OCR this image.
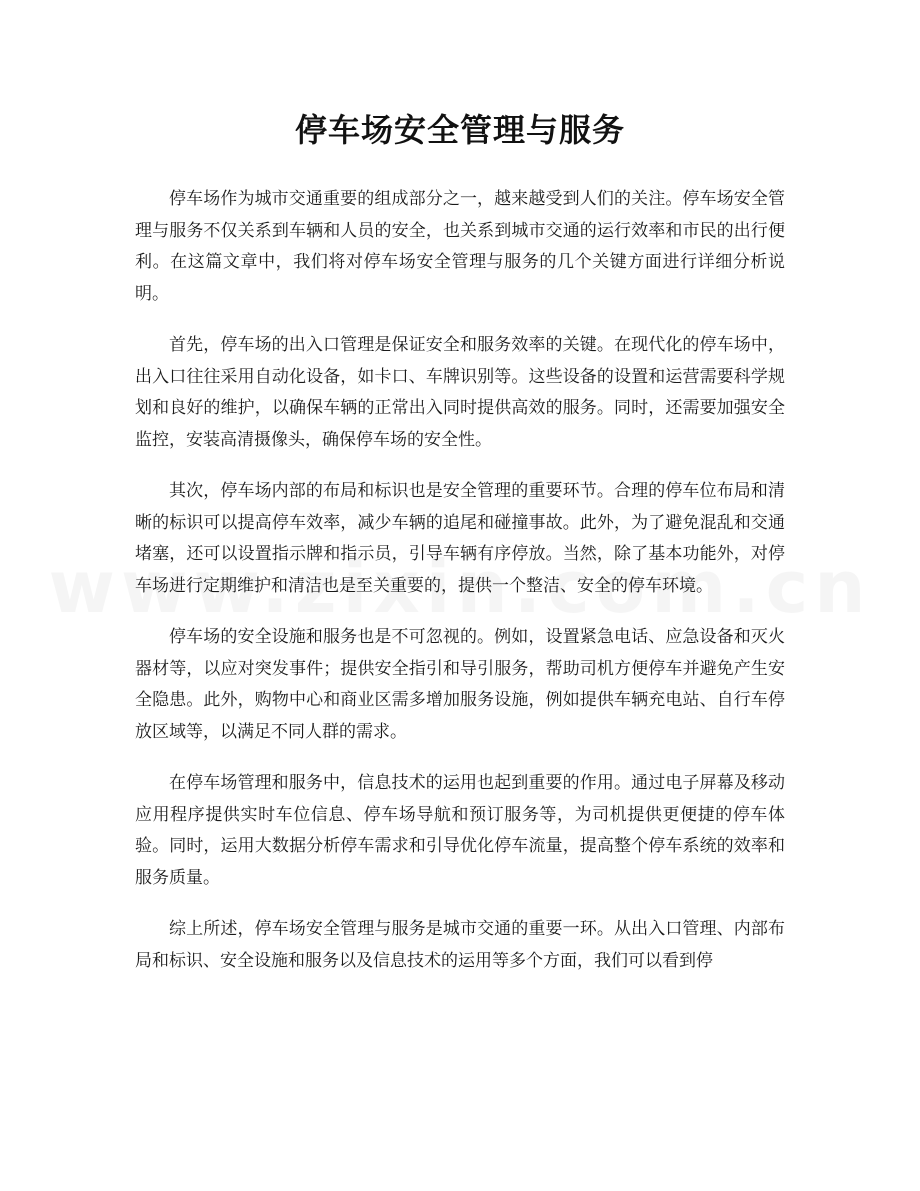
停车场安全管理与服务

停车场作为城市交通重要的组成部分之一，越来越受到人们的关注。停车场安全管理与服务不仅关系到车辆和人员的安全，也关系到城市交通的运行效率和市民的出行便利。在这篇文章中，我们将对停车场安全管理与服务的几个关键方面进行详细分析说明。

首先，停车场的出入口管理是保证安全和服务效率的关键。在现代化的停车场中，出入口往往采用自动化设备，如卡口、车牌识别等。这些设备的设置和运营需要科学规划和良好的维护，以确保车辆的正常出入同时提供高效的服务。同时，还需要加强安全监控，安装高清摄像头，确保停车场的安全性。

其次，停车场内部的布局和标识也是安全管理的重要环节。合理的停车位布局和清晰的标识可以提高停车效率，减少车辆的追尾和碰撞事故。此外，为了避免混乱和交通堵塞，还可以设置指示牌和指示员，引导车辆有序停放。当然，除了基本功能外，对停车场进行定期维护和清洁也是至关重要的，提供一个整洁、安全的停车环境。

停车场的安全设施和服务也是不可忽视的。例如，设置紧急电话、应急设备和灭火器材等，以应对突发事件；提供安全指引和导引服务，帮助司机方便停车并避免产生安全隐患。此外，购物中心和商业区需多增加服务设施，例如提供车辆充电站、自行车停放区域等，以满足不同人群的需求。

在停车场管理和服务中，信息技术的运用也起到重要的作用。通过电子屏幕及移动应用程序提供实时车位信息、停车场导航和预订服务等，为司机提供更便捷的停车体验。同时，运用大数据分析停车需求和引导优化停车流量，提高整个停车系统的效率和服务质量。

综上所述，停车场安全管理与服务是城市交通的重要一环。从出入口管理、内部布局和标识、安全设施和服务以及信息技术的运用等多个方面，我们可以看到停
